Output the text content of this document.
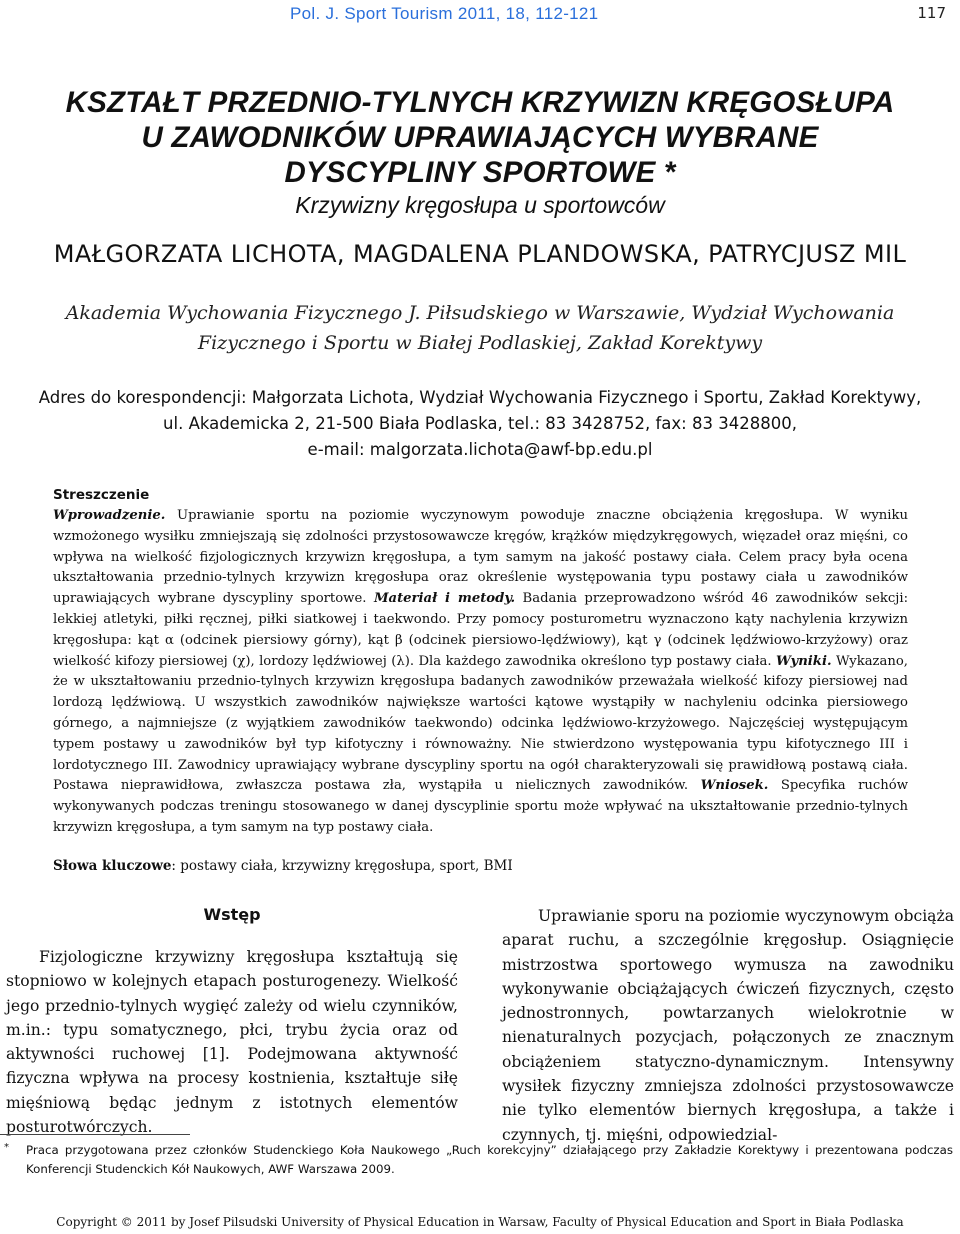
Pol. J. Sport Tourism 2011, 18, 112-121	117
KSZTAŁT PRZEDNIO-TYLNYCH KRZYWIZN KRĘGOSŁUPA
U ZAWODNIKÓW UPRAWIAJĄCYCH WYBRANE
DYSCYPLINY SPORTOWE *
Krzywizny kręgosłupa u sportowców
MAŁGORZATA LICHOTA, MAGDALENA PLANDOWSKA, PATRYCJUSZ MIL
Akademia Wychowania Fizycznego J. Piłsudskiego w Warszawie, Wydział Wychowania
Fizycznego i Sportu w Białej Podlaskiej, Zakład Korektywy
Adres do korespondencji: Małgorzata Lichota, Wydział Wychowania Fizycznego i Sportu, Zakład Korektywy,
ul. Akademicka 2, 21-500 Biała Podlaska, tel.: 83 3428752, fax: 83 3428800,
e-mail: malgorzata.lichota@awf-bp.edu.pl
Streszczenie
Wprowadzenie. Uprawianie sportu na poziomie wyczynowym powoduje znaczne obciążenia kręgosłupa. W wyniku wzmożonego wysiłku zmniejszają się zdolności przystosowawcze kręgów, krążków międzykręgowych, więzadeł oraz mięśni, co wpływa na wielkość fizjologicznych krzywizn kręgosłupa, a tym samym na jakość postawy ciała. Celem pracy była ocena ukształtowania przednio-tylnych krzywizn kręgosłupa oraz określenie występowania typu postawy ciała u zawodników uprawiających wybrane dyscypliny sportowe. Materiał i metody. Badania przeprowadzono wśród 46 zawodników sekcji: lekkiej atletyki, piłki ręcznej, piłki siatkowej i taekwondo. Przy pomocy posturometru wyznaczono kąty nachylenia krzywizn kręgosłupa: kąt α (odcinek piersiowy górny), kąt β (odcinek piersiowo-lędźwiowy), kąt γ (odcinek lędźwiowo-krzyżowy) oraz wielkość kifozy piersiowej (χ), lordozy lędźwiowej (λ). Dla każdego zawodnika określono typ postawy ciała. Wyniki. Wykazano, że w ukształtowaniu przednio-tylnych krzywizn kręgosłupa badanych zawodników przeważała wielkość kifozy piersiowej nad lordozą lędźwiową. U wszystkich zawodników największe wartości kątowe wystąpiły w nachyleniu odcinka piersiowego górnego, a najmniejsze (z wyjątkiem zawodników taekwondo) odcinka lędźwiowo-krzyżowego. Najczęściej występującym typem postawy u zawodników był typ kifotyczny i równoważny. Nie stwierdzono występowania typu kifotycznego III i lordotycznego III. Zawodnicy uprawiający wybrane dyscypliny sportu na ogół charakteryzowali się prawidłową postawą ciała. Postawa nieprawidłowa, zwłaszcza postawa zła, wystąpiła u nielicznych zawodników. Wniosek. Specyfika ruchów wykonywanych podczas treningu stosowanego w danej dyscyplinie sportu może wpływać na ukształtowanie przednio-tylnych krzywizn kręgosłupa, a tym samym na typ postawy ciała.
Słowa kluczowe: postawy ciała, krzywizny kręgosłupa, sport, BMI
Wstęp

Fizjologiczne krzywizny kręgosłupa kształtują się stopniowo w kolejnych etapach posturogenezy. Wielkość jego przednio-tylnych wygięć zależy od wielu czynników, m.in.: typu somatycznego, płci, trybu życia oraz od aktywności ruchowej [1]. Podejmowana aktywność fizyczna wpływa na procesy kostnienia, kształtuje siłę mięśniową będąc jednym z istotnych elementów posturotwórczych.

Uprawianie sporu na poziomie wyczynowym obciąża aparat ruchu, a szczególnie kręgosłup. Osiągnięcie mistrzostwa sportowego wymusza na zawodniku wykonywanie obciążających ćwiczeń fizycznych, często jednostronnych, powtarzanych wielokrotnie w nienaturalnych pozycjach, połączonych ze znacznym obciążeniem statyczno-dynamicznym. Intensywny wysiłek fizyczny zmniejsza zdolności przystosowawcze nie tylko elementów biernych kręgosłupa, a także i czynnych, tj. mięśni, odpowiedzial-

*	Praca przygotowana przez członków Studenckiego Koła Naukowego „Ruch korekcyjny” działającego przy Zakładzie Korektywy i prezentowana podczas Konferencji Studenckich Kół Naukowych, AWF Warszawa 2009.

Copyright © 2011 by Josef Pilsudski University of Physical Education in Warsaw, Faculty of Physical Education and Sport in Biała Podlaska
